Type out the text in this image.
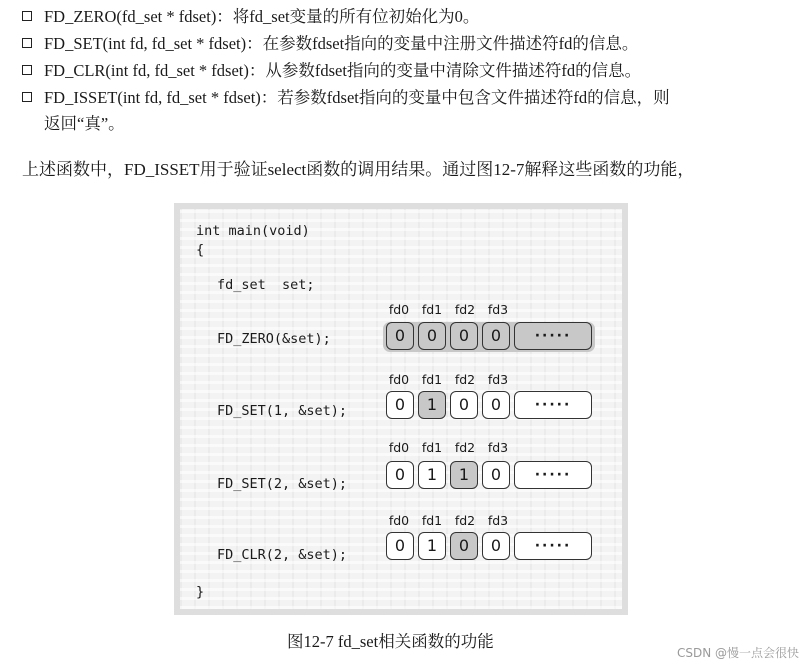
FD_ZERO(fd_set * fdset)：将fd_set变量的所有位初始化为0。
FD_SET(int fd, fd_set * fdset)：在参数fdset指向的变量中注册文件描述符fd的信息。
FD_CLR(int fd, fd_set * fdset)：从参数fdset指向的变量中清除文件描述符fd的信息。
FD_ISSET(int fd, fd_set * fdset)：若参数fdset指向的变量中包含文件描述符fd的信息，则
返回“真”。
上述函数中，FD_ISSET用于验证select函数的调用结果。通过图12-7解释这些函数的功能，
int main(void)
{
fd_set  set;
fd0	fd1	fd2	fd3
FD_ZERO(&set);	0	0	0	0	·····
fd0	fd1	fd2	fd3
FD_SET(1, &set);	0	1	0	0	·····
fd0	fd1	fd2	fd3
FD_SET(2, &set);	0	1	1	0	·····
fd0	fd1	fd2	fd3
FD_CLR(2, &set);	0	1	0	0	·····
}
图12-7 fd_set相关函数的功能
CSDN @慢一点会很快
